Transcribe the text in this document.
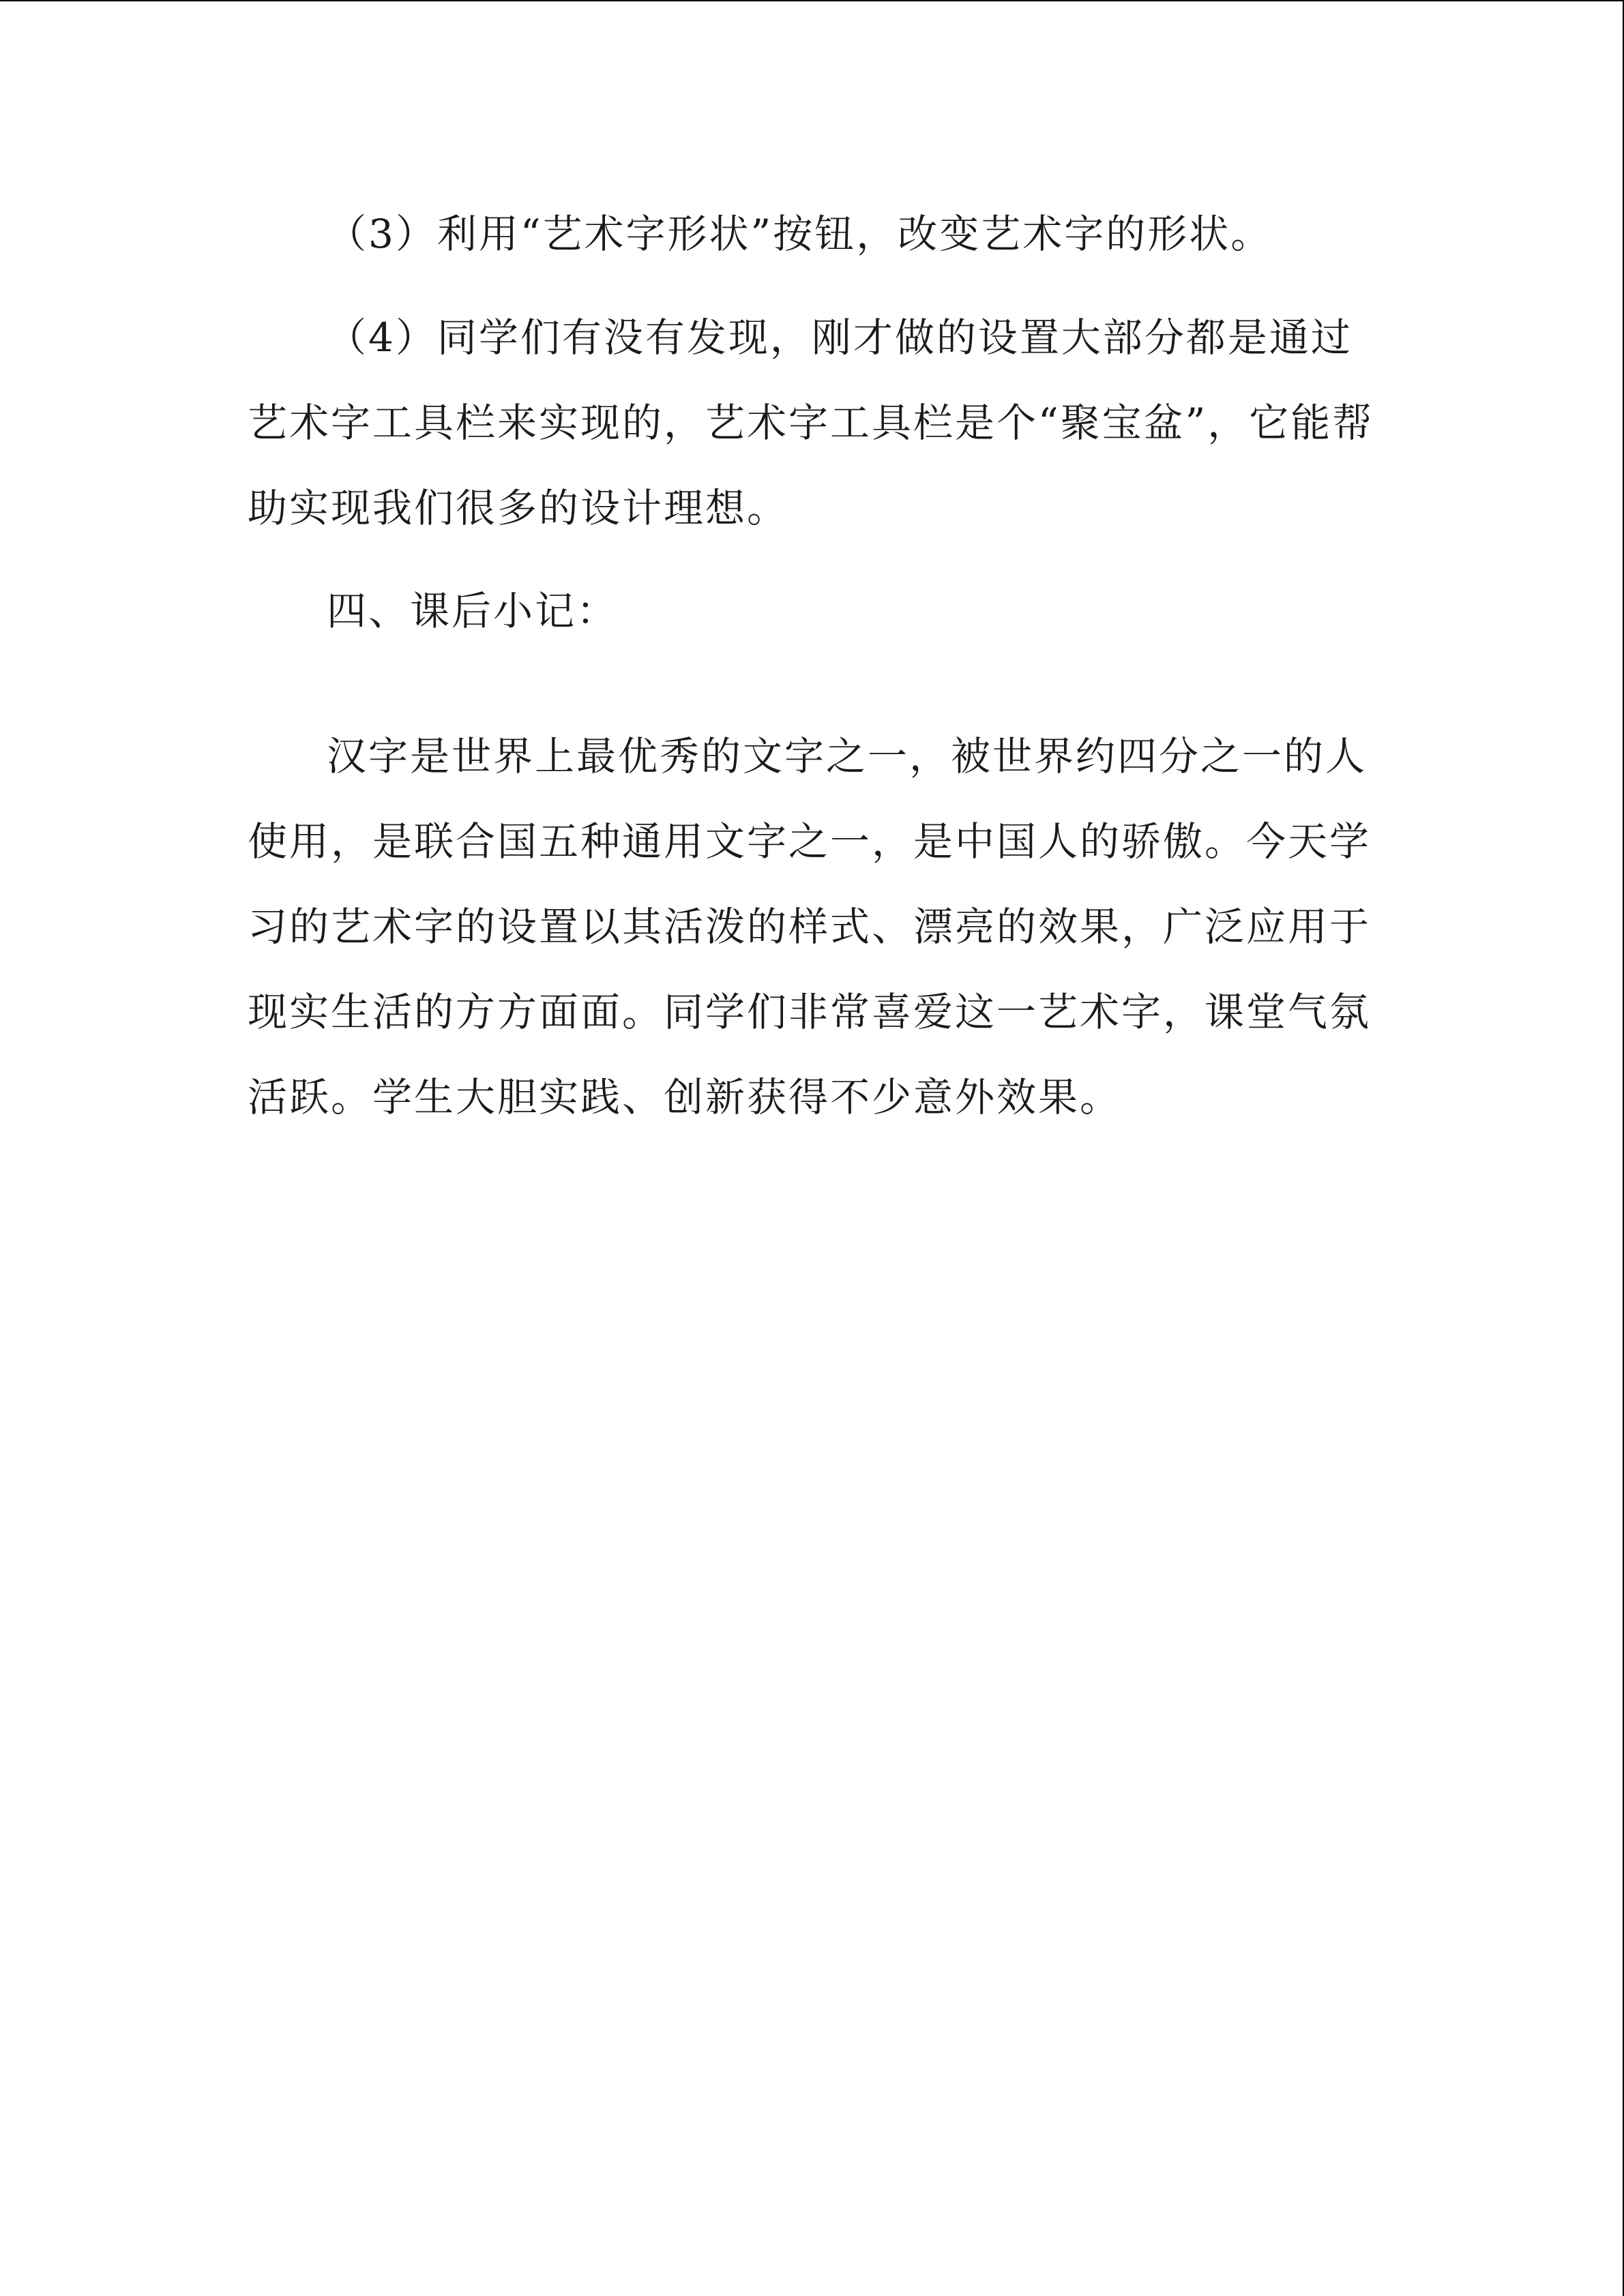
（3）利用“艺术字形状”按钮，改变艺术字的形状。

（4）同学们有没有发现，刚才做的设置大部分都是通过艺术字工具栏来实现的，艺术字工具栏是个“聚宝盆”，它能帮助实现我们很多的设计理想。

四、课后小记：

汉字是世界上最优秀的文字之一，被世界约四分之一的人使用，是联合国五种通用文字之一，是中国人的骄傲。今天学习的艺术字的设置以其活泼的样式、漂亮的效果，广泛应用于现实生活的方方面面。同学们非常喜爱这一艺术字，课堂气氛活跃。学生大胆实践、创新获得不少意外效果。
